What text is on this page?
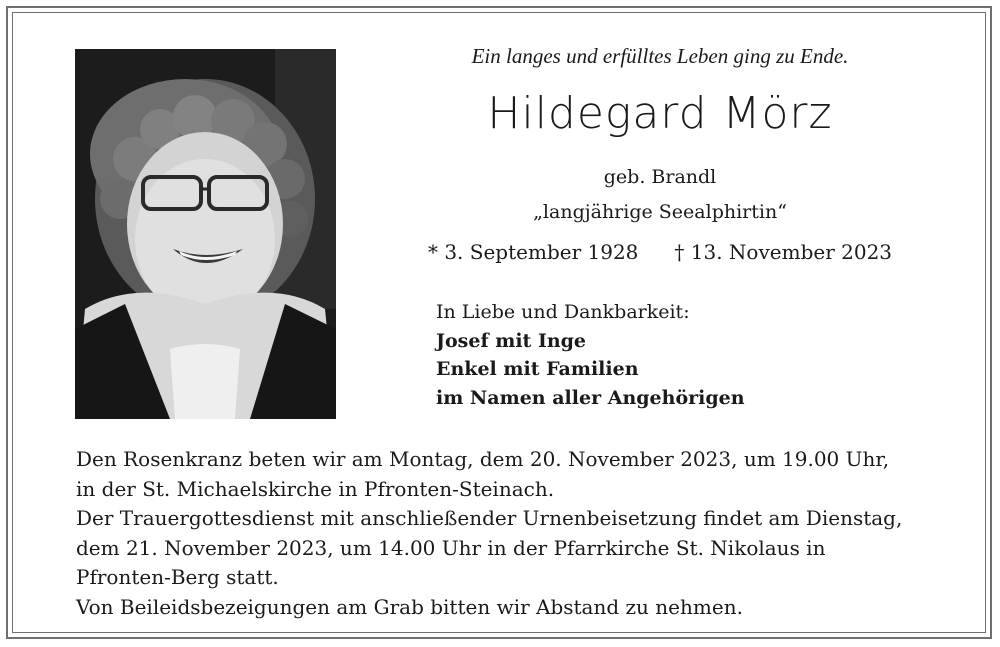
Ein langes und erfülltes Leben ging zu Ende.
Hildegard Mörz
geb. Brandl
„langjährige Seealphirtin“
* 3. September 1928 † 13. November 2023
In Liebe und Dankbarkeit:
Josef mit Inge
Enkel mit Familien
im Namen aller Angehörigen
Den Rosenkranz beten wir am Montag, dem 20. November 2023, um 19.00 Uhr,
in der St. Michaelskirche in Pfronten-Steinach.
Der Trauergottesdienst mit anschließender Urnenbeisetzung findet am Dienstag,
dem 21. November 2023, um 14.00 Uhr in der Pfarrkirche St. Nikolaus in
Pfronten-Berg statt.
Von Beileidsbezeigungen am Grab bitten wir Abstand zu nehmen.
